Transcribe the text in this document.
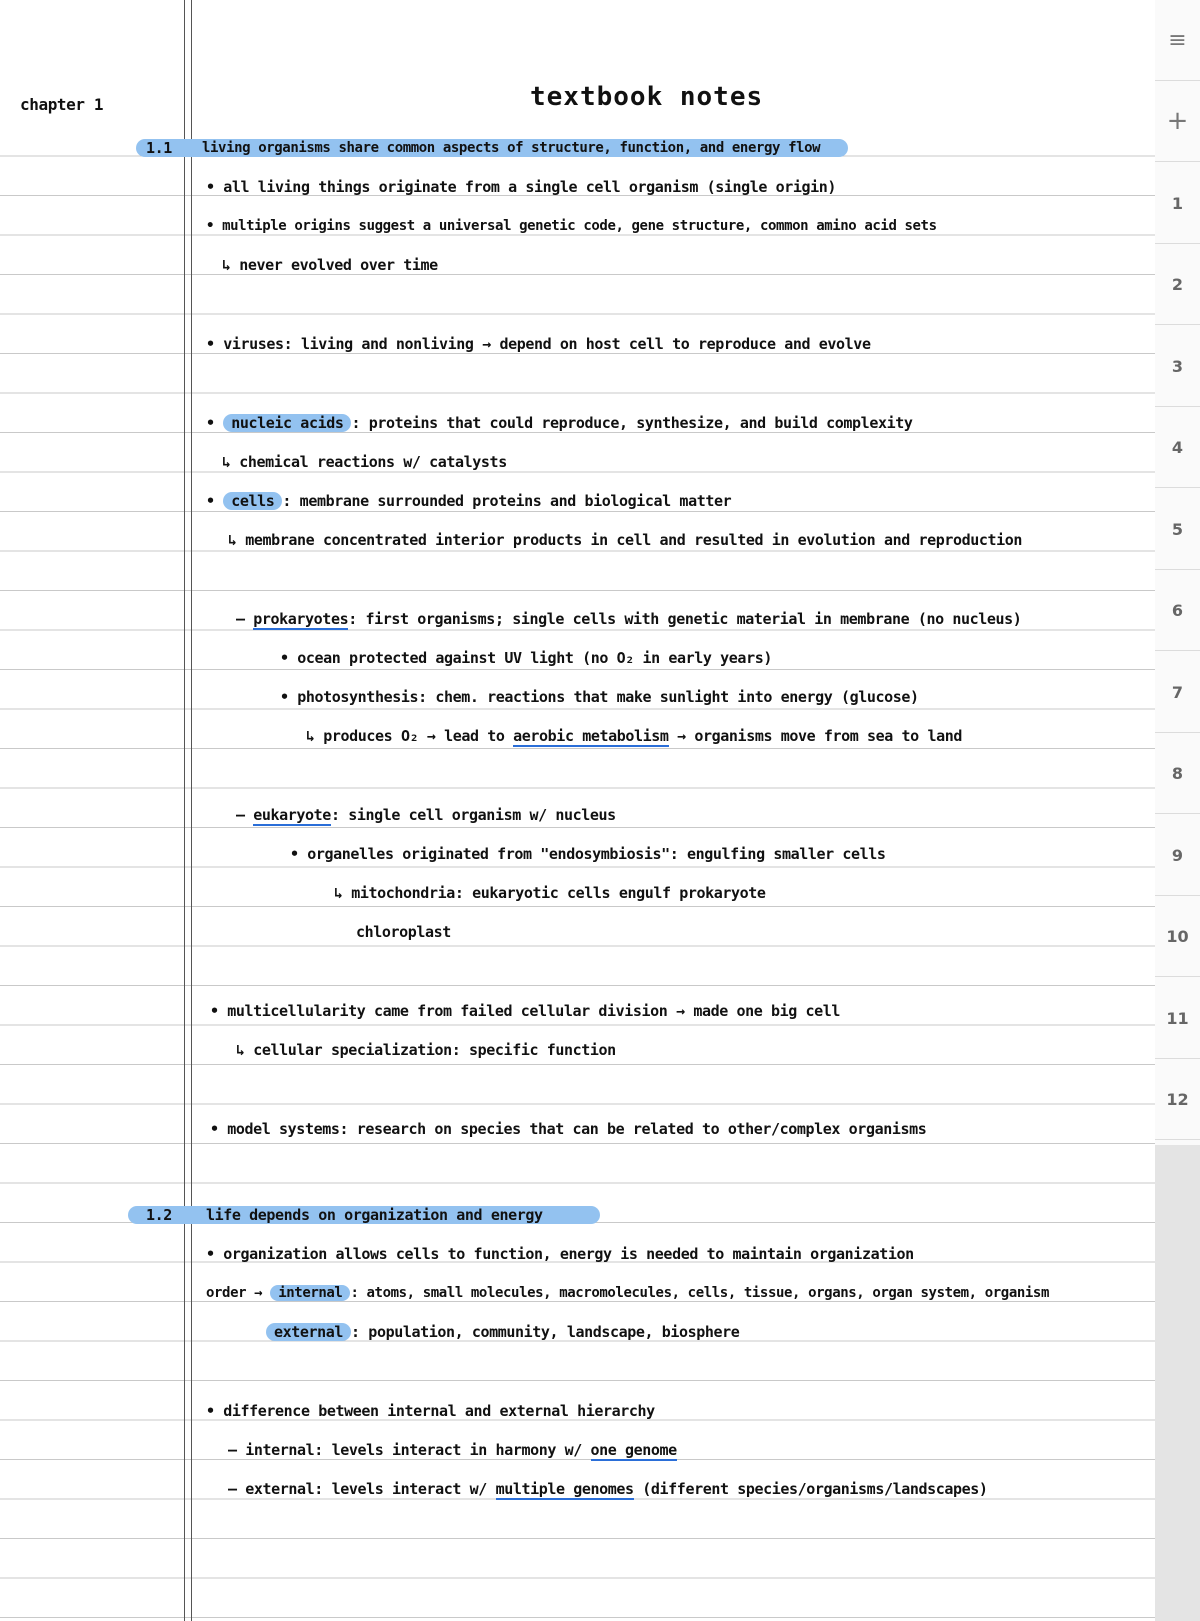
chapter 1	textbook notes
1.1 living organisms share common aspects of structure, function, and energy flow
• all living things originate from a single cell organism (single origin)
• multiple origins suggest a universal genetic code, gene structure, common amino acid sets
↳ never evolved over time
• viruses: living and nonliving → depend on host cell to reproduce and evolve
• nucleic acids : proteins that could reproduce, synthesize, and build complexity
↳ chemical reactions w/ catalysts
• cells : membrane surrounded proteins and biological matter
↳ membrane concentrated interior products in cell and resulted in evolution and reproduction
– prokaryotes: first organisms; single cells with genetic material in membrane (no nucleus)
• ocean protected against UV light (no O₂ in early years)
• photosynthesis: chem. reactions that make sunlight into energy (glucose)
↳ produces O₂ → lead to aerobic metabolism → organisms move from sea to land
– eukaryote: single cell organism w/ nucleus
• organelles originated from "endosymbiosis": engulfing smaller cells
↳ mitochondria: eukaryotic cells engulf prokaryote
chloroplast
• multicellularity came from failed cellular division → made one big cell
↳ cellular specialization: specific function
• model systems: research on species that can be related to other/complex organisms
1.2 life depends on organization and energy
• organization allows cells to function, energy is needed to maintain organization
order → internal : atoms, small molecules, macromolecules, cells, tissue, organs, organ system, organism
external : population, community, landscape, biosphere
• difference between internal and external hierarchy
– internal: levels interact in harmony w/ one genome
– external: levels interact w/ multiple genomes (different species/organisms/landscapes)
≡
+
1
2
3
4
5
6
7
8
9
10
11
12
